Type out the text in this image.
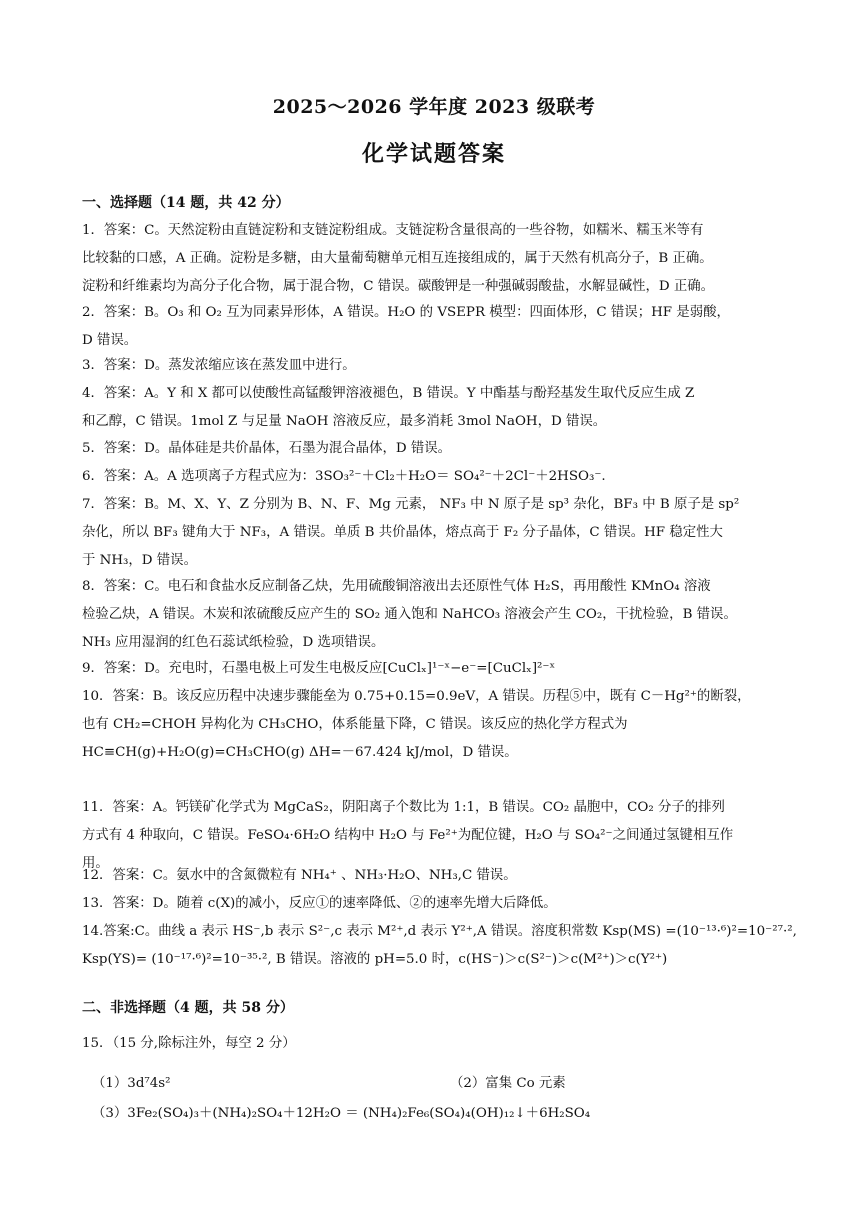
2025～2026 学年度 2023 级联考
化学试题答案
一、选择题（14 题，共 42 分）
1．答案：C。天然淀粉由直链淀粉和支链淀粉组成。支链淀粉含量很高的一些谷物，如糯米、糯玉米等有
比较黏的口感，A 正确。淀粉是多糖，由大量葡萄糖单元相互连接组成的，属于天然有机高分子，B 正确。
淀粉和纤维素均为高分子化合物，属于混合物，C 错误。碳酸钾是一种强碱弱酸盐，水解显碱性，D 正确。
2．答案：B。O₃ 和 O₂ 互为同素异形体，A 错误。H₂O 的 VSEPR 模型：四面体形，C 错误；HF 是弱酸，
D 错误。
3．答案：D。蒸发浓缩应该在蒸发皿中进行。
4．答案：A。Y 和 X 都可以使酸性高锰酸钾溶液褪色，B 错误。Y 中酯基与酚羟基发生取代反应生成 Z
和乙醇，C 错误。1mol Z 与足量 NaOH 溶液反应，最多消耗 3mol NaOH，D 错误。
5．答案：D。晶体硅是共价晶体，石墨为混合晶体，D 错误。
6．答案：A。A 选项离子方程式应为：3SO₃²⁻＋Cl₂＋H₂O＝ SO₄²⁻＋2Cl⁻＋2HSO₃⁻.
7．答案：B。M、X、Y、Z 分别为 B、N、F、Mg 元素， NF₃ 中 N 原子是 sp³ 杂化，BF₃ 中 B 原子是 sp²
杂化，所以 BF₃ 键角大于 NF₃，A 错误。单质 B 共价晶体，熔点高于 F₂ 分子晶体，C 错误。HF 稳定性大
于 NH₃，D 错误。
8．答案：C。电石和食盐水反应制备乙炔，先用硫酸铜溶液出去还原性气体 H₂S，再用酸性 KMnO₄ 溶液
检验乙炔，A 错误。木炭和浓硫酸反应产生的 SO₂ 通入饱和 NaHCO₃ 溶液会产生 CO₂，干扰检验，B 错误。
NH₃ 应用湿润的红色石蕊试纸检验，D 选项错误。
9．答案：D。充电时，石墨电极上可发生电极反应[CuClₓ]¹⁻ˣ−e⁻=[CuClₓ]²⁻ˣ
10．答案：B。该反应历程中决速步骤能垒为 0.75+0.15=0.9eV，A 错误。历程⑤中，既有 C－Hg²⁺的断裂，
也有 CH₂=CHOH 异构化为 CH₃CHO，体系能量下降，C 错误。该反应的热化学方程式为
HC≡CH(g)+H₂O(g)=CH₃CHO(g) ΔH=－67.424 kJ/mol，D 错误。
11．答案：A。钙镁矿化学式为 MgCaS₂，阴阳离子个数比为 1:1，B 错误。CO₂ 晶胞中，CO₂ 分子的排列
方式有 4 种取向，C 错误。FeSO₄·6H₂O 结构中 H₂O 与 Fe²⁺为配位键，H₂O 与 SO₄²⁻之间通过氢键相互作
用。
12．答案：C。氨水中的含氮微粒有 NH₄⁺ 、NH₃·H₂O、NH₃,C 错误。
13．答案：D。随着 c(X)的减小，反应①的速率降低、②的速率先增大后降低。
14.答案:C。曲线 a 表示 HS⁻,b 表示 S²⁻,c 表示 M²⁺,d 表示 Y²⁺,A 错误。溶度积常数 Ksp(MS) =(10⁻¹³·⁶)²=10⁻²⁷·²,
Ksp(YS)= (10⁻¹⁷·⁶)²=10⁻³⁵·², B 错误。溶液的 pH=5.0 时，c(HS⁻)＞c(S²⁻)＞c(M²⁺)＞c(Y²⁺)
二、非选择题（4 题，共 58 分）
15．（15 分,除标注外，每空 2 分）
（1）3d⁷4s²	（2）富集 Co 元素
（3）3Fe₂(SO₄)₃＋(NH₄)₂SO₄＋12H₂O ＝ (NH₄)₂Fe₆(SO₄)₄(OH)₁₂↓＋6H₂SO₄
